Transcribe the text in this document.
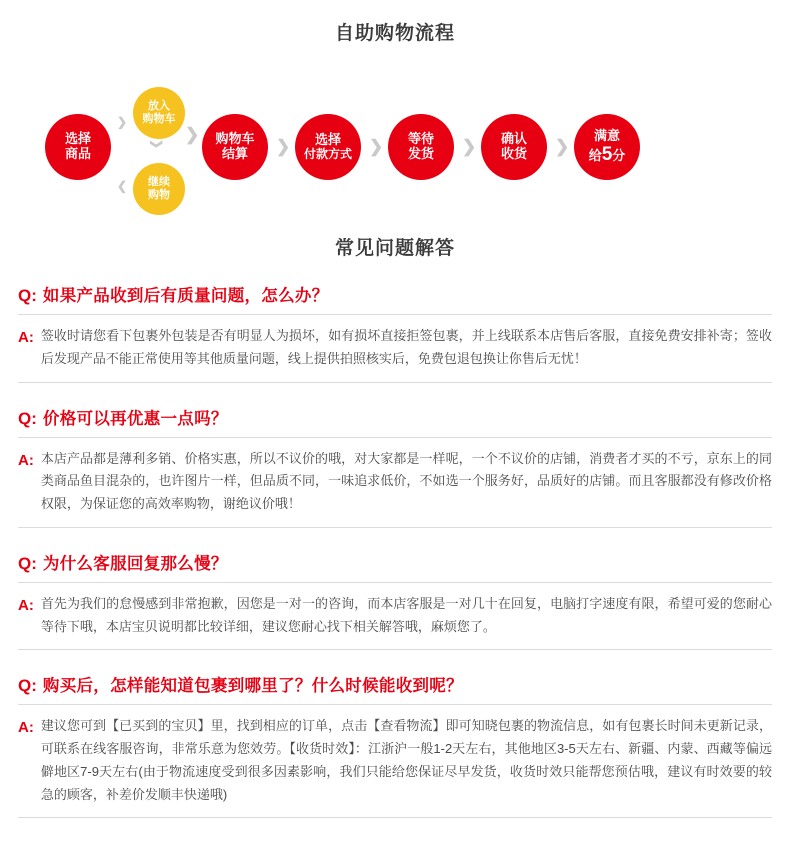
自助购物流程
选择
商品
❯
❮
放入
购物车
继续
购物
❯ ❯ 购物车
结算	❯	选择
付款方式 ❯ 等待
发货 ❯ 确认
收货 ❯
满意
给5分
常见问题解答
Q: 如果产品收到后有质量问题，怎么办？
A: 签收时请您看下包裹外包装是否有明显人为损坏，如有损坏直接拒签包裹，并上线联系本店售后客服，直接免费安排补寄；签收后发现产品不能正常使用等其他质量问题，线上提供拍照核实后，免费包退包换让你售后无忧！
Q: 价格可以再优惠一点吗？
A: 本店产品都是薄利多销、价格实惠，所以不议价的哦，对大家都是一样呢，一个不议价的店铺，消费者才买的不亏，京东上的同类商品鱼目混杂的，也许图片一样，但品质不同，一味追求低价，不如选一个服务好，品质好的店铺。而且客服都没有修改价格权限，为保证您的高效率购物，谢绝议价哦！
Q: 为什么客服回复那么慢？
A: 首先为我们的怠慢感到非常抱歉，因您是一对一的咨询，而本店客服是一对几十在回复，电脑打字速度有限，希望可爱的您耐心等待下哦，本店宝贝说明都比较详细，建议您耐心找下相关解答哦，麻烦您了。
Q: 购买后，怎样能知道包裹到哪里了？什么时候能收到呢？
A: 建议您可到【已买到的宝贝】里，找到相应的订单，点击【查看物流】即可知晓包裹的物流信息，如有包裹长时间未更新记录，可联系在线客服咨询，非常乐意为您效劳。【收货时效】：江浙沪一般1-2天左右，其他地区3-5天左右、新疆、内蒙、西藏等偏远僻地区7-9天左右(由于物流速度受到很多因素影响，我们只能给您保证尽早发货，收货时效只能帮您预估哦，建议有时效要的较急的顾客，补差价发顺丰快递哦)
